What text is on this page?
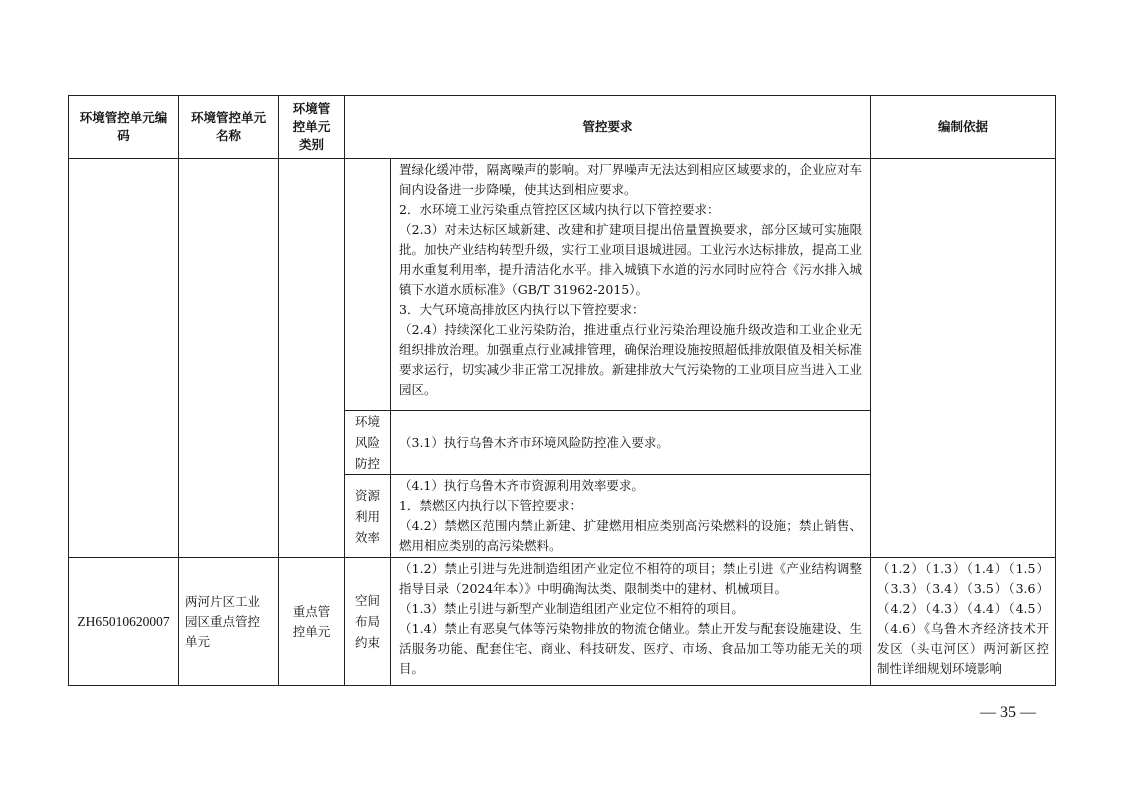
环境管控单元编码	环境管控单元名称	环境管控单元类别	管控要求		编制依据

				置绿化缓冲带，隔离噪声的影响。对厂界噪声无法达到相应区域要求的，企业应对车间内设备进一步降噪，使其达到相应要求。

2．水环境工业污染重点管控区区域内执行以下管控要求：

（2.3）对未达标区域新建、改建和扩建项目提出倍量置换要求，部分区域可实施限批。加快产业结构转型升级，实行工业项目退城进园。工业污水达标排放，提高工业用水重复利用率，提升清洁化水平。排入城镇下水道的污水同时应符合《污水排入城镇下水道水质标准》（GB/T 31962-2015）。

3．大气环境高排放区内执行以下管控要求：

（2.4）持续深化工业污染防治，推进重点行业污染治理设施升级改造和工业企业无组织排放治理。加强重点行业减排管理，确保治理设施按照超低排放限值及相关标准要求运行，切实减少非正常工况排放。新建排放大气污染物的工业项目应当进入工业园区。	

			环境风险防控	（3.1）执行乌鲁木齐市环境风险防控准入要求。	

			资源利用效率	（4.1）执行乌鲁木齐市资源利用效率要求。

1．禁燃区内执行以下管控要求：

（4.2）禁燃区范围内禁止新建、扩建燃用相应类别高污染燃料的设施；禁止销售、燃用相应类别的高污染燃料。	

ZH65010620007	两河片区工业园区重点管控单元	重点管控单元	空间布局约束	（1.2）禁止引进与先进制造组团产业定位不相符的项目；禁止引进《产业结构调整指导目录（2024年本）》中明确淘汰类、限制类中的建材、机械项目。

（1.3）禁止引进与新型产业制造组团产业定位不相符的项目。

（1.4）禁止有恶臭气体等污染物排放的物流仓储业。禁止开发与配套设施建设、生活服务功能、配套住宅、商业、科技研发、医疗、市场、食品加工等功能无关的项目。	（1.2）（1.3）（1.4）（1.5）（3.3）（3.4）（3.5）（3.6）（4.2）（4.3）（4.4）（4.5）（4.6）《乌鲁木齐经济技术开发区（头屯河区）两河新区控制性详细规划环境影响
— 35 —
